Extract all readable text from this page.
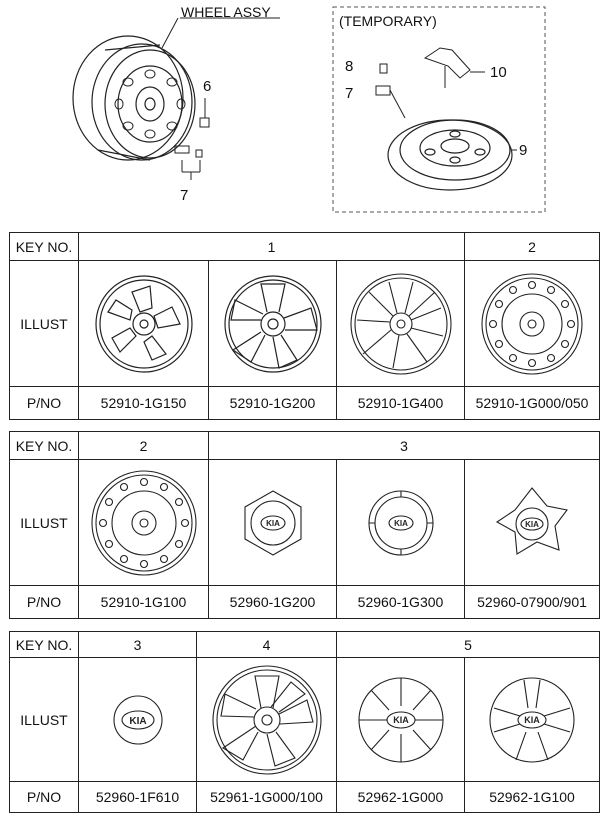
WHEEL ASSY
(TEMPORARY)
6
7
8
7
10
9
KEY NO.	1			2
ILLUST	

P/NO	52910-1G150	52910-1G200	52910-1G400	52910-1G000/050
KEY NO.	2	3		
ILLUST		KIA	KIA	KIA

P/NO	52910-1G100	52960-1G200	52960-1G300	52960-07900/901
KEY NO.	3	4	5	
ILLUST	KIA		KIA	KIA

P/NO	52960-1F610	52961-1G000/100	52962-1G000	52962-1G100
